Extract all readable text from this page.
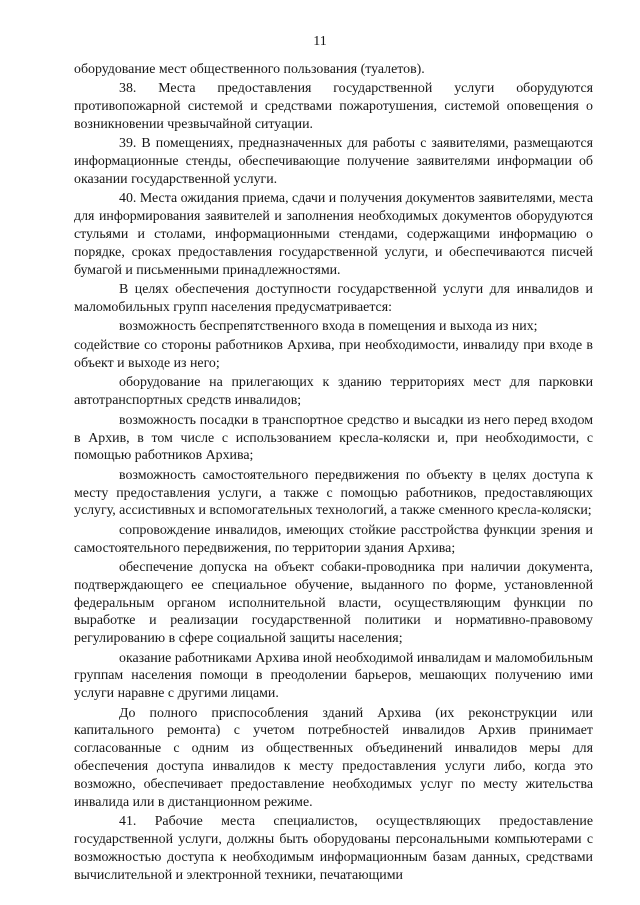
11

оборудование мест общественного пользования (туалетов).

38. Места предоставления государственной услуги оборудуются противопожарной системой и средствами пожаротушения, системой оповещения о возникновении чрезвычайной ситуации.

39. В помещениях, предназначенных для работы с заявителями, размещаются информационные стенды, обеспечивающие получение заявителями информации об оказании государственной услуги.

40. Места ожидания приема, сдачи и получения документов заявителями, места для информирования заявителей и заполнения необходимых документов оборудуются стульями и столами, информационными стендами, содержащими информацию о порядке, сроках предоставления государственной услуги, и обеспечиваются писчей бумагой и письменными принадлежностями.

В целях обеспечения доступности государственной услуги для инвалидов и маломобильных групп населения предусматривается:

возможность беспрепятственного входа в помещения и выхода из них;

содействие со стороны работников Архива, при необходимости, инвалиду при входе в объект и выходе из него;

оборудование на прилегающих к зданию территориях мест для парковки автотранспортных средств инвалидов;

возможность посадки в транспортное средство и высадки из него перед входом в Архив, в том числе с использованием кресла-коляски и, при необходимости, с помощью работников Архива;

возможность самостоятельного передвижения по объекту в целях доступа к месту предоставления услуги, а также с помощью работников, предоставляющих услугу, ассистивных и вспомогательных технологий, а также сменного кресла-коляски;

сопровождение инвалидов, имеющих стойкие расстройства функции зрения и самостоятельного передвижения, по территории здания Архива;

обеспечение допуска на объект собаки-проводника при наличии документа, подтверждающего ее специальное обучение, выданного по форме, установленной федеральным органом исполнительной власти, осуществляющим функции по выработке и реализации государственной политики и нормативно-правовому регулированию в сфере социальной защиты населения;

оказание работниками Архива иной необходимой инвалидам и маломобильным группам населения помощи в преодолении барьеров, мешающих получению ими услуги наравне с другими лицами.

До полного приспособления зданий Архива (их реконструкции или капитального ремонта) с учетом потребностей инвалидов Архив принимает согласованные с одним из общественных объединений инвалидов меры для обеспечения доступа инвалидов к месту предоставления услуги либо, когда это возможно, обеспечивает предоставление необходимых услуг по месту жительства инвалида или в дистанционном режиме.

41. Рабочие места специалистов, осуществляющих предоставление государственной услуги, должны быть оборудованы персональными компьютерами с возможностью доступа к необходимым информационным базам данных, средствами вычислительной и электронной техники, печатающими
